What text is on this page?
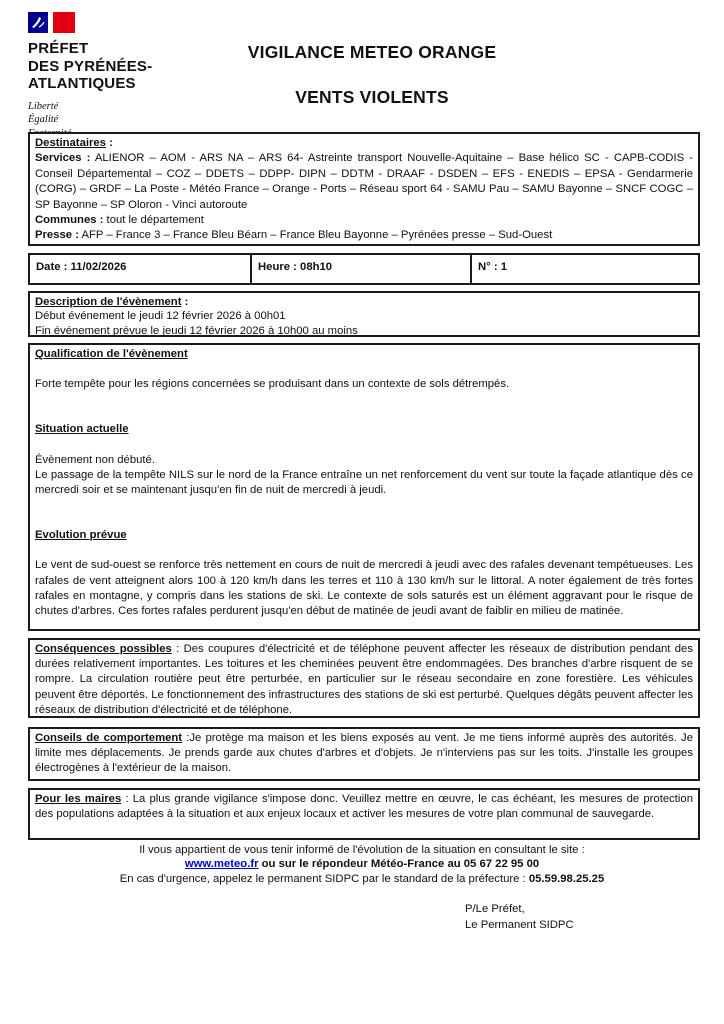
PRÉFET
DES PYRÉNÉES-
ATLANTIQUES
Liberté
Égalité
VIGILANCE METEO ORANGE
VENTS VIOLENTS

Destinataires :

Services : ALIENOR – AOM - ARS NA – ARS 64- Astreinte transport Nouvelle-Aquitaine – Base hélico SC - CAPB-CODIS - Conseil Départemental – COZ – DDETS – DDPP- DIPN – DDTM - DRAAF - DSDEN – EFS - ENEDIS – EPSA - Gendarmerie (CORG) – GRDF – La Poste - Météo France – Orange - Ports – Réseau sport 64 - SAMU Pau – SAMU Bayonne – SNCF COGC – SP Bayonne – SP Oloron - Vinci autoroute

Communes : tout le département

Presse : AFP – France 3 – France Bleu Béarn – France Bleu Bayonne – Pyrénées presse – Sud-Ouest

Date : 11/02/2026	Heure : 08h10	N° : 1

Description de l'évènement :

Début événement le jeudi 12 février 2026 à 00h01

Fin événement prévue le jeudi 12 février 2026 à 10h00 au moins

Qualification de l'évènement

Forte tempête pour les régions concernées se produisant dans un contexte de sols détrempés.

Situation actuelle

Évènement non débuté.

Le passage de la tempête NILS sur le nord de la France entraîne un net renforcement du vent sur toute la façade atlantique dès ce mercredi soir et se maintenant jusqu'en fin de nuit de mercredi à jeudi.

Evolution prévue

Le vent de sud-ouest se renforce très nettement en cours de nuit de mercredi à jeudi avec des rafales devenant tempétueuses. Les rafales de vent atteignent alors 100 à 120 km/h dans les terres et 110 à 130 km/h sur le littoral. A noter également de très fortes rafales en montagne, y compris dans les stations de ski. Le contexte de sols saturés est un élément aggravant pour le risque de chutes d'arbres. Ces fortes rafales perdurent jusqu'en début de matinée de jeudi avant de faiblir en milieu de matinée.

Conséquences possibles : Des coupures d'électricité et de téléphone peuvent affecter les réseaux de distribution pendant des durées relativement importantes. Les toitures et les cheminées peuvent être endommagées. Des branches d'arbre risquent de se rompre. La circulation routière peut être perturbée, en particulier sur le réseau secondaire en zone forestière. Les véhicules peuvent être déportés. Le fonctionnement des infrastructures des stations de ski est perturbé. Quelques dégâts peuvent affecter les réseaux de distribution d'électricité et de téléphone.

Conseils de comportement :Je protège ma maison et les biens exposés au vent. Je me tiens informé auprès des autorités. Je limite mes déplacements. Je prends garde aux chutes d'arbres et d'objets. Je n'interviens pas sur les toits. J'installe les groupes électrogènes à l'extérieur de la maison.

Pour les maires : La plus grande vigilance s'impose donc. Veuillez mettre en œuvre, le cas échéant, les mesures de protection des populations adaptées à la situation et aux enjeux locaux et activer les mesures de votre plan communal de sauvegarde.

Il vous appartient de vous tenir informé de l'évolution de la situation en consultant le site :
www.meteo.fr ou sur le répondeur Météo-France au 05 67 22 95 00
En cas d'urgence, appelez le permanent SIDPC par le standard de la préfecture : 05.59.98.25.25
P/Le Préfet,
Le Permanent SIDPC
